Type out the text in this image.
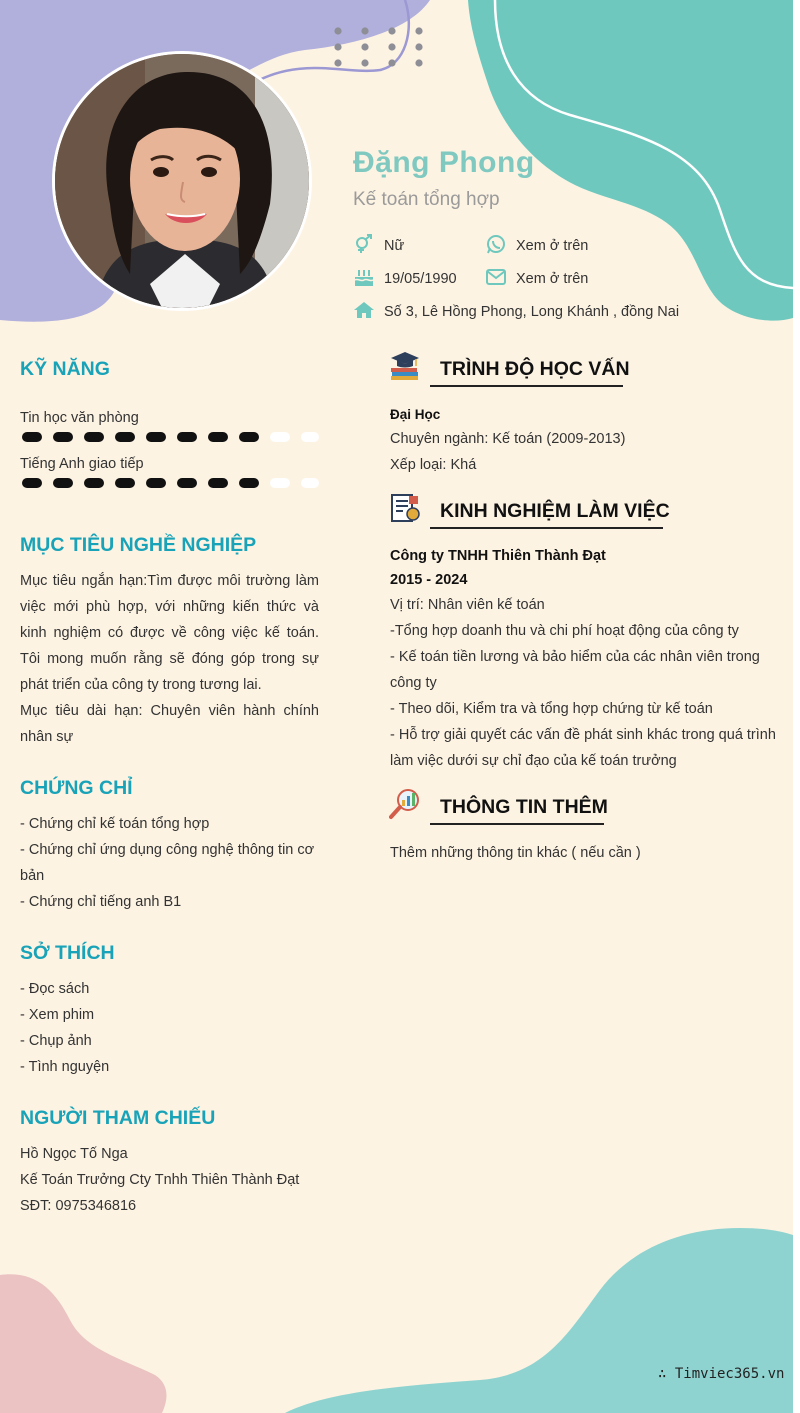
Đặng Phong
Kế toán tổng hợp
Nữ	Xem ở trên
19/05/1990	Xem ở trên
Số 3, Lê Hồng Phong, Long Khánh , đồng Nai
KỸ NĂNG
Tin học văn phòng
Tiếng Anh giao tiếp
MỤC TIÊU NGHỀ NGHIỆP
Mục tiêu ngắn hạn:Tìm được môi trường làm việc mới phù hợp, với những kiến thức và kinh nghiệm có được về công việc kế toán. Tôi mong muốn rằng sẽ đóng góp trong sự phát triển của công ty trong tương lai.
Mục tiêu dài hạn: Chuyên viên hành chính nhân sự
CHỨNG CHỈ
- Chứng chỉ kế toán tổng hợp
- Chứng chỉ ứng dụng công nghệ thông tin cơ bản
- Chứng chỉ tiếng anh B1
SỞ THÍCH
- Đọc sách
- Xem phim
- Chụp ảnh
- Tình nguyện
NGƯỜI THAM CHIẾU
Hồ Ngọc Tố Nga
Kế Toán Trưởng Cty Tnhh Thiên Thành Đạt
SĐT: 0975346816
TRÌNH ĐỘ HỌC VẤN
Đại Học
Chuyên ngành: Kế toán (2009-2013)
Xếp loại: Khá
KINH NGHIỆM LÀM VIỆC
Công ty TNHH Thiên Thành Đạt
2015 - 2024
Vị trí: Nhân viên kế toán
-Tổng hợp doanh thu và chi phí hoạt động của công ty
- Kế toán tiền lương và bảo hiểm của các nhân viên trong công ty
- Theo dõi, Kiểm tra và tổng hợp chứng từ kế toán
- Hỗ trợ giải quyết các vấn đề phát sinh khác trong quá trình làm việc dưới sự chỉ đạo của kế toán trưởng
THÔNG TIN THÊM
Thêm những thông tin khác ( nếu cần )
∴ Timviec365.vn
